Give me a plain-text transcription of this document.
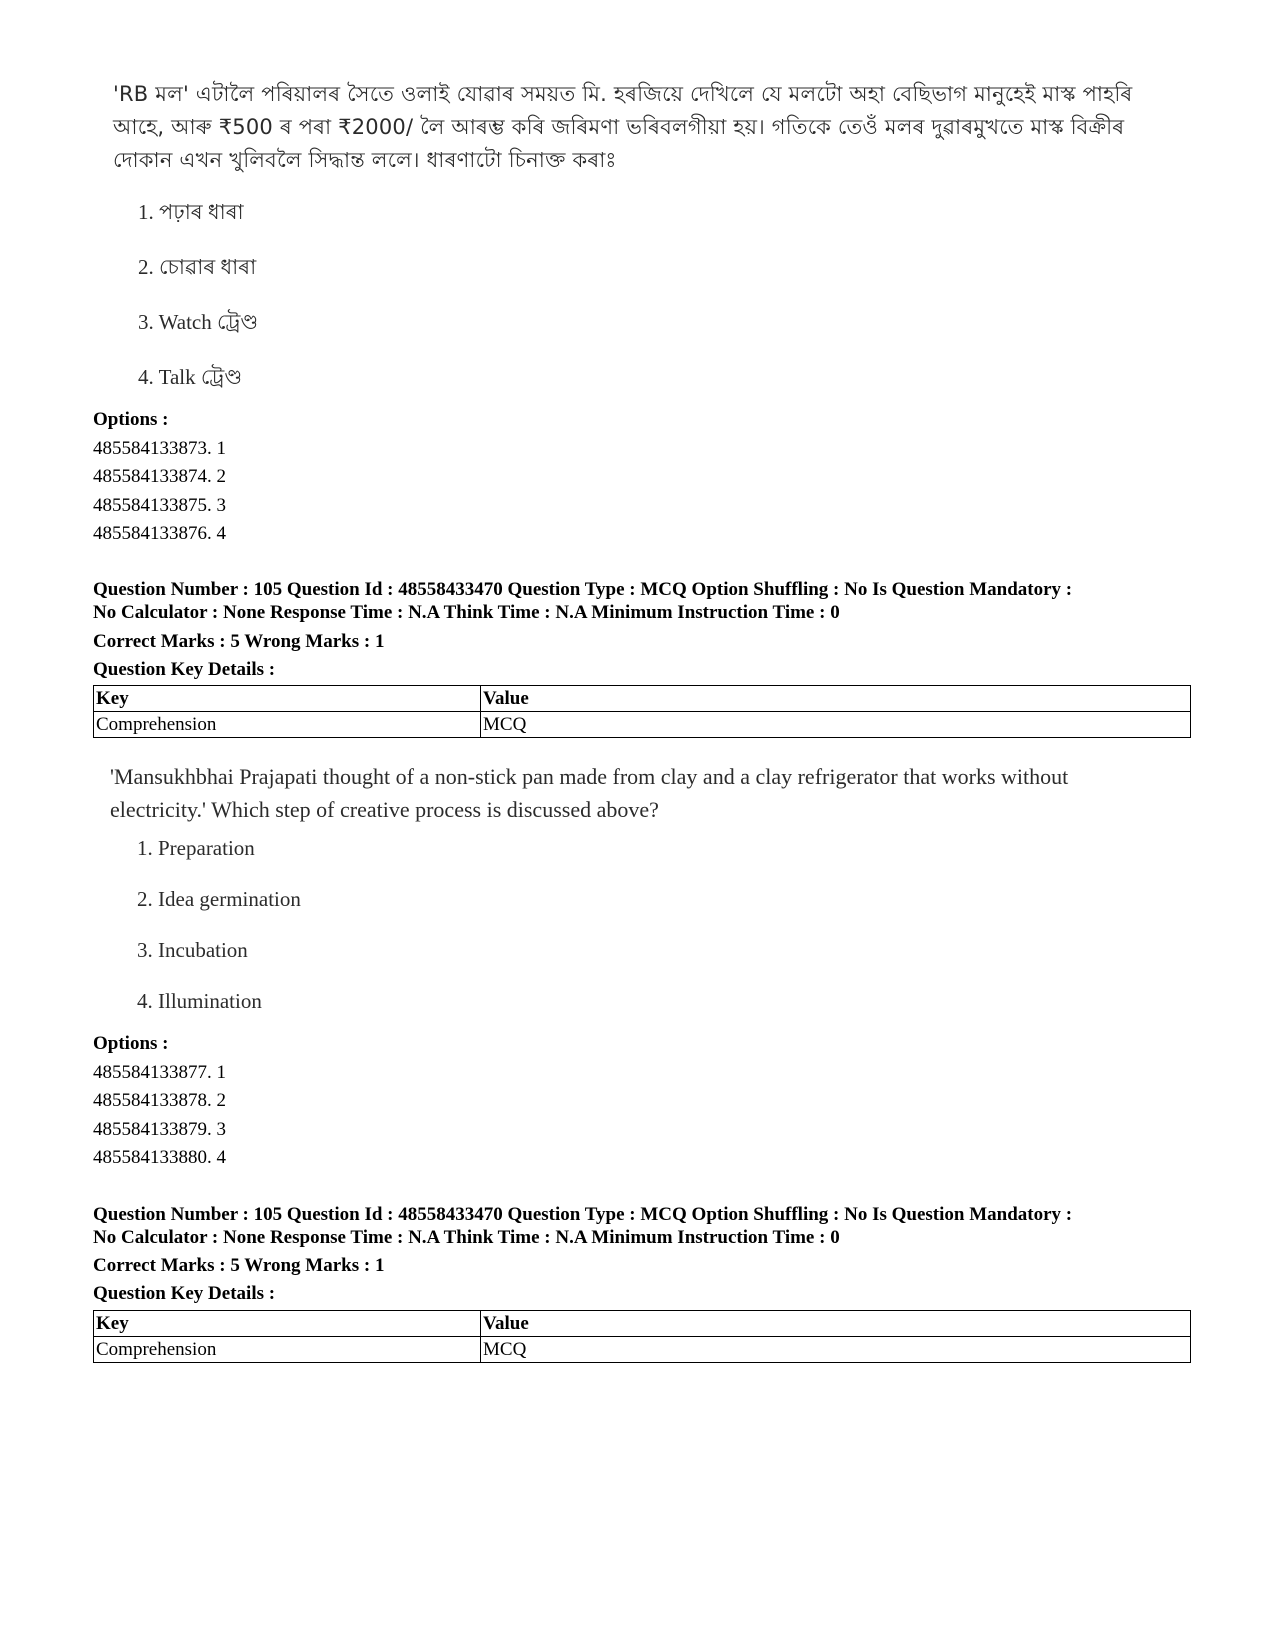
'RB মল' এটালৈ পৰিয়ালৰ সৈতে ওলাই যোৱাৰ সময়ত মি. হৰজিয়ে দেখিলে যে মলটো অহা বেছিভাগ মানুহেই মাস্ক পাহৰি আহে, আৰু ₹500 ৰ পৰা ₹2000/ লৈ আৰম্ভ কৰি জৰিমণা ভৰিবলগীয়া হয়। গতিকে তেওঁ মলৰ দুৱাৰমুখতে মাস্ক বিক্ৰীৰ দোকান এখন খুলিবলৈ সিদ্ধান্ত ললে। ধাৰণাটো চিনাক্ত কৰাঃ

1. পঢ়াৰ ধাৰা
2. চোৱাৰ ধাৰা
3. Watch ট্ৰেণ্ড
4. Talk ট্ৰেণ্ড
Options :
485584133873. 1
485584133874. 2
485584133875. 3
485584133876. 4
Question Number : 105 Question Id : 48558433470 Question Type : MCQ Option Shuffling : No Is Question Mandatory :
No Calculator : None Response Time : N.A Think Time : N.A Minimum Instruction Time : 0
Correct Marks : 5 Wrong Marks : 1
Question Key Details :
Key	Value
Comprehension	MCQ

'Mansukhbhai Prajapati thought of a non-stick pan made from clay and a clay refrigerator that works without
electricity.' Which step of creative process is discussed above?

1. Preparation
2. Idea germination
3. Incubation
4. Illumination
Options :
485584133877. 1
485584133878. 2
485584133879. 3
485584133880. 4
Question Number : 105 Question Id : 48558433470 Question Type : MCQ Option Shuffling : No Is Question Mandatory :
No Calculator : None Response Time : N.A Think Time : N.A Minimum Instruction Time : 0
Correct Marks : 5 Wrong Marks : 1
Question Key Details :
Key	Value
Comprehension	MCQ
